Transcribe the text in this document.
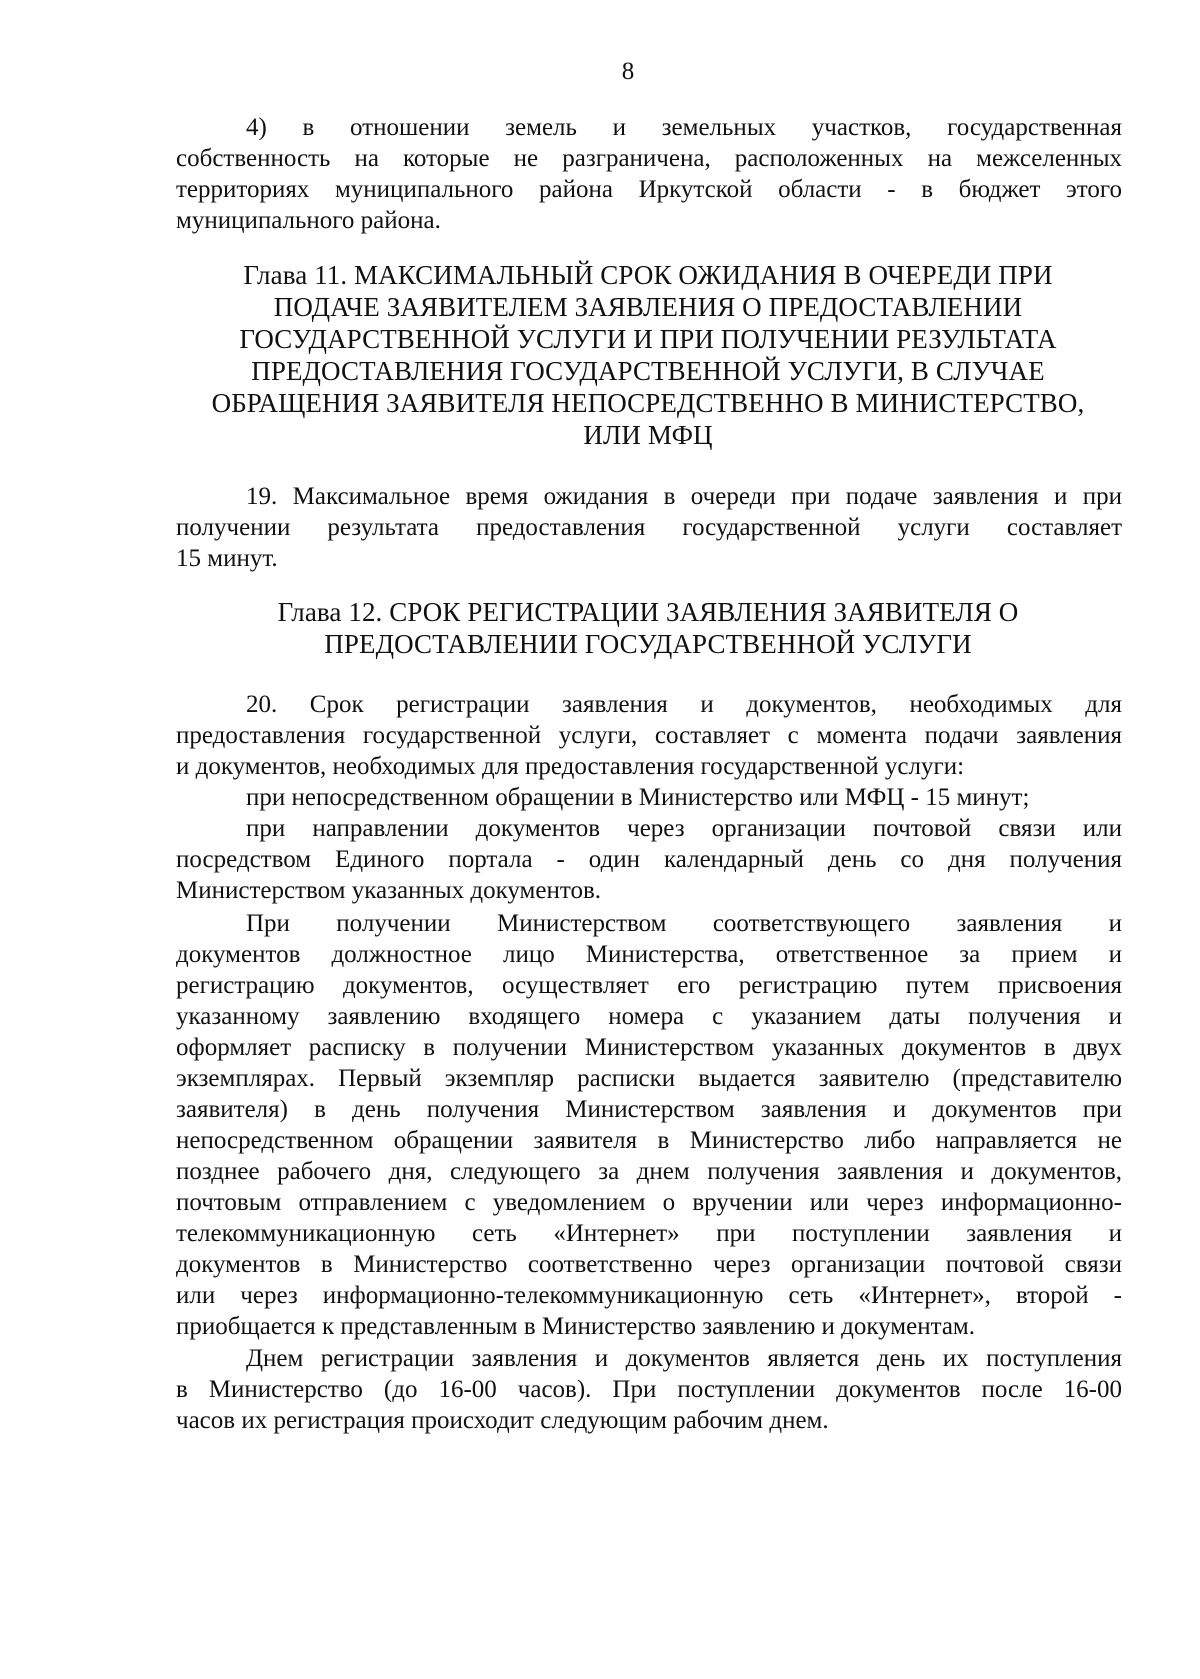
8
4) в отношении земель и земельных участков, государственная
собственность на которые не разграничена, расположенных на межселенных
территориях муниципального района Иркутской области - в бюджет этого
муниципального района.
Глава 11. МАКСИМАЛЬНЫЙ СРОК ОЖИДАНИЯ В ОЧЕРЕДИ ПРИ
ПОДАЧЕ ЗАЯВИТЕЛЕМ ЗАЯВЛЕНИЯ О ПРЕДОСТАВЛЕНИИ
ГОСУДАРСТВЕННОЙ УСЛУГИ И ПРИ ПОЛУЧЕНИИ РЕЗУЛЬТАТА
ПРЕДОСТАВЛЕНИЯ ГОСУДАРСТВЕННОЙ УСЛУГИ, В СЛУЧАЕ
ОБРАЩЕНИЯ ЗАЯВИТЕЛЯ НЕПОСРЕДСТВЕННО В МИНИСТЕРСТВО,
ИЛИ МФЦ
19. Максимальное время ожидания в очереди при подаче заявления и при
получении результата предоставления государственной услуги составляет
15 минут.
Глава 12. СРОК РЕГИСТРАЦИИ ЗАЯВЛЕНИЯ ЗАЯВИТЕЛЯ О
ПРЕДОСТАВЛЕНИИ ГОСУДАРСТВЕННОЙ УСЛУГИ
20. Срок регистрации заявления и документов, необходимых для
предоставления государственной услуги, составляет с момента подачи заявления
и документов, необходимых для предоставления государственной услуги:
при непосредственном обращении в Министерство или МФЦ - 15 минут;
при направлении документов через организации почтовой связи или
посредством Единого портала - один календарный день со дня получения
Министерством указанных документов.
При получении Министерством соответствующего заявления и
документов должностное лицо Министерства, ответственное за прием и
регистрацию документов, осуществляет его регистрацию путем присвоения
указанному заявлению входящего номера с указанием даты получения и
оформляет расписку в получении Министерством указанных документов в двух
экземплярах. Первый экземпляр расписки выдается заявителю (представителю
заявителя) в день получения Министерством заявления и документов при
непосредственном обращении заявителя в Министерство либо направляется не
позднее рабочего дня, следующего за днем получения заявления и документов,
почтовым отправлением с уведомлением о вручении или через информационно-
телекоммуникационную сеть «Интернет» при поступлении заявления и
документов в Министерство соответственно через организации почтовой связи
или через информационно-телекоммуникационную сеть «Интернет», второй -
приобщается к представленным в Министерство заявлению и документам.
Днем регистрации заявления и документов является день их поступления
в Министерство (до 16-00 часов). При поступлении документов после 16-00
часов их регистрация происходит следующим рабочим днем.
